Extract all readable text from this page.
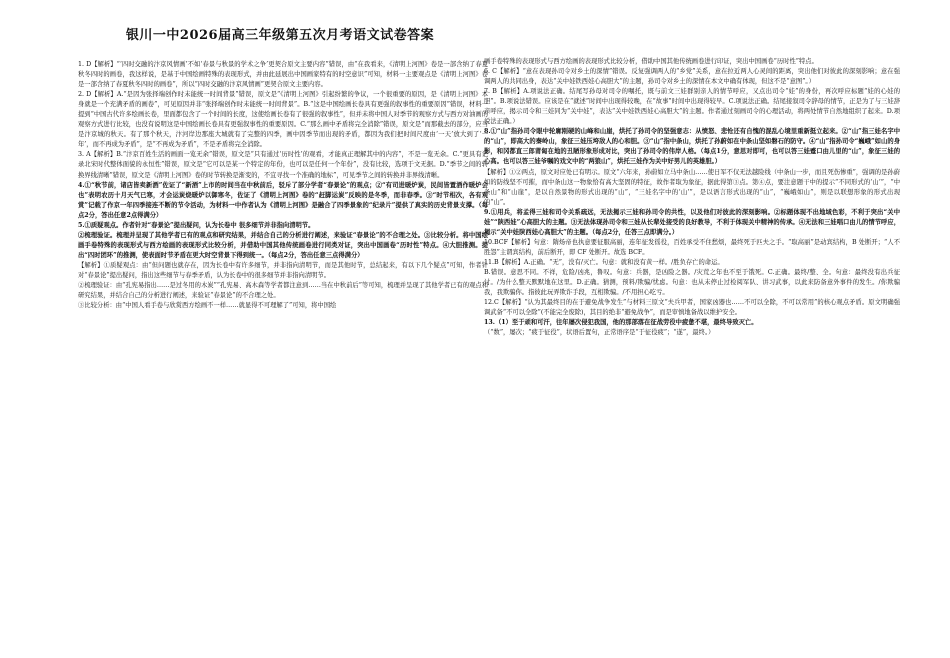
银川一中2026届高三年级第五次月考语文试卷答案

1. D【解析】“‘四时交融的汴京风情画’不如‘春景与秋景的学术之争’更契合原文主要内容”错误，由“在我看来，《清明上河图》卷是一部含纳了春夏秋冬四时的画卷，我这样说，是基于中国绘画特殊的表现形式，并由此延展出中国画家特有的时空意识”可知，材料一主要观点是《清明上河图》卷是一部含纳了春夏秋冬四时的画卷”，所以“四时交融的汴京风情画”更契合原文主要内容。

2. D【解析】A.“是因为张择端创作时未能统一时间背景”错误，原文是“《清明上河图》引起纷繁的争议，一个很重要的原因，是《清明上河图》本身就是一个充满矛盾的画卷”，可见原因并非“张择端创作时未能统一时间背景”。B.“这是中国绘画长卷具有更强的叙事性的重要原因”错误，材料一提到“中国古代许多绘画长卷，里面都包含了一个时间的长度，这使绘画长卷有了很强的叙事性”，但并未将中国人对季节的观察方式与西方对油画的观察方式进行比较，也没有说明这是中国绘画长卷具有更强叙事性的重要原因。C.“那么画中矛盾将完全消除”错误，原文是“而那截去的部分，应当是汴京城的秋天。有了那个秋天，汴河岸边那座大城就有了完整的四季，画中因季节而出现的矛盾，都因为我们把时间尺度由‘一天’放大到了‘一年’，而不再成为矛盾”，是“不再成为矛盾”，不是矛盾将完全消除。

3. A【解析】B.“汴京百姓生活的画面一览无余”错误，原文是“只有通过‘历时性’的观看，才能真正理解其中的内容”，不是一览无余。C.“更具有记录北宋时代整体面貌的永恒性”错误，原文是“它可以是某一个特定的年份，也可以是任何一个年份”，没有比较，选项于文无据。D.“季节之间的转换界线清晰”错误，原文是《清明上河图》卷的时节转换是渐变的，不宜寻找一个准确的地标”，可见季节之间的转换并非界线清晰。

4.①“秋节前，诸店皆卖新酒”佐证了“新酒”上市的时间当在中秋前后，驳斥了部分学者“春景论”的观点；②“有司进暖炉炭，民间皆置酒作暖炉会也”表明农历十月天气已寒，才会运炭烧暖炉以御寒冬，佐证了《清明上河图》卷的“赶脚运炭”反映的是冬季，而非春季。③“时节相次，各有观赏”记载了作京一年四季接连不断的节令活动，为材料一中作者认为《清明上河图》是融合了四季景象的“纪录片”提供了真实的历史背景支撑。（每点2分，答出任意2点得满分）

5.①质疑观点。作者针对“春景论”提出疑问，认为长卷中 很多细节并非指向清明节。

②梳理验证。梳理并呈现了其他学者已有的观点和研究结果，并结合自己的分析进行阐述，来验证“春景论”的不合理之处。③比较分析。将中国绘画手卷特殊的表现形式与西方绘画的表现形式比较分析，并借助中国其他传统画卷进行同类对证，突出中国画卷“历时性”特点。④大胆推测。提出“四时团环”的推测，使表面时节矛盾在更大时空背景下得到统一。（每点2分，答出任意三点得满分）

【解析】①质疑观点：由“但问题也就存在，因为长卷中有许多细节，并非指向清明节，而是其他时节，总结起来，有以下几个疑点”可知，作者针对“春景论”提出疑问，指出这些细节与春季矛盾，认为长卷中的很多细节并非指向清明节。

②梳理验证：由“孔宪易指出……是过冬用的木炭”“孔宪易、高木森等学者都注意到……当在中秋前后”等可知，梳理并呈现了其他学者已有的观点和研究结果，并结合自己的分析进行阐述，来验证“春景论”的不合理之处。

③比较分析：由“中国人看手卷与欣赏西方绘画不一样……就显得不可理解了”可知，将中国绘

画手卷特殊的表现形式与西方绘画的表现形式比较分析，借助中国其他传统画卷进行印证，突出中国画卷“历时性”特点。

6. C【解析】“意在表现孙司令对乡土的深情”错误。反复强调两人的“乡党”关系，意在拉近两人心灵间的距离，突出他们对彼此的深刻影响；意在强调两人的共同出身，表达“关中娃铁西娃心高胆大”的主题，孙司令对乡土的深情在本文中确有体现，但这不是“意图”。）

7. B【解析】A.项说法正确。结尾写孙母对司令的嘱托，既与前文三娃群别亲人的情节呼应，又点出司令“娃”的身份，再次呼应标题“娃的心娃的胆”。B.项说法错误。应该是在“就述”时间中出现得较晚，在“故事”时间中出现得较早。C.项说法正确。结尾接叙司令辞母的情节，正是为了与三娃辞亲呼应，揭示司令和三娃同为“关中娃”，表达“关中娃铁西娃心高胆大”的主题。作者通过刻画司令的心理活动，将两处情节自然地组织了起来。D.项说法正确。）

8.①“山”指孙司令眼中轮廓刚硬的山峰和山崖，烘托了孙司令的坚强意志：从愤怒、悲怆还有自愧的混乱心境里重新挺立起来。②“山”指三娃名字中的“山”，即高大的秦岭山，象征三娃压垮敌人的心和胆。③“山”指中条山，烘托了孙蔚如在中条山坚如磐石的防守。④“山”指孙司令“巍峨”如山的身影，和冈都直三郎莆匐在地的丑陋形象形成对比，突出了孙司令的伟岸人格。（每点1分，意思对即可，也可以答三娃蹙口由儿里的“山”，象征三娃的心高。也可以答三娃爷嘱的戏文中的“两狼山”，烘托三娃作为关中好男儿的英雄胆。）

【解析】①②两点，原文对应处已有明示。原文“六年来，孙蔚如立马中条山……使日军不仅无法越险线（中条山一步，而且死伤惨重”，强调的是孙蔚如的防线坚不可摧，而中条山这一物象恰有高大坚固的特征，故作者取为象征，据此得第③点。第④点，要注意题干中的提示“不同形式的‘山’”，“中条山”和“山崖”，是以自然景物的形式出现的“山”，“三娃名字中的‘山’”，是以语言形式出现的“山”，“巍峨如山”，则是以联想形象的形式出现的“山”。

9.①用兵，将孟得三娃和司令关系疏远，无法揭示三娃和孙司令的共性，以及他们对彼此的深刻影响。②标题体现不出地域色彩，不利于突出“关中娃”“陕西娃”心高胆大的主题。③无法体现孙司令和三娃从长辈处接受的良好教导，不利于体现关中精神的传承。④无法和三娃唱口由儿的情节呼应，揭示“关中娃陕西娃心高胆大”的主题。（每点2分，任答三点即满分。）

10.BCF【解析】句意：隋炀帝也执意要征服高丽，连年征发徭役，百姓承受不住愁烦，最终死于匹夫之手。“取高丽”是动宾结构，B 处断开；“人不胜怨”主谓宾结构，前后断开，即 CF 处断开。故选 BCF。

11.B【解析】A.正确。“无”，没有/灭亡。句意：就和没有黄一样。/胜负存亡的命运。

B.错误。意思不同。不祥，危险/凶兆，鲁叹。句意：兵器，是凶险之器。/灾荒之年也不至于饿死。C.正确。最终/整、全。句意：最终没有出兵征讨。/为什么整天默默地在这里。D.正确。猜测，预料/欺骗/忧虑。句意：也从未停止过检阅军队、讲习武事，以此来防备意外事件的发生。/你欺骗我，我欺骗你。指彼此玩弄欺诈手段，互相欺骗。/不用担心吃亏。

12.C【解析】“认为其最终目的在于避免战争发生”与材料三原文“夫兵甲者，国家凶器也……不可以全除，不可以常用”的核心观点矛盾。原文明确强调武备“不可以全除”(不能完全废除)，其目的绝非“避免战争”，而是审慎地备战以维护安全。

13.（1）至于顽和可汗，往年屡次侵犯我国，他的那部落在征战劳役中疲惫不堪，最终导致灭亡。

（“数”，屡次；“疲于征役”，状语后置句，正常语序是“于征役疲”；“遂”，最终。）
